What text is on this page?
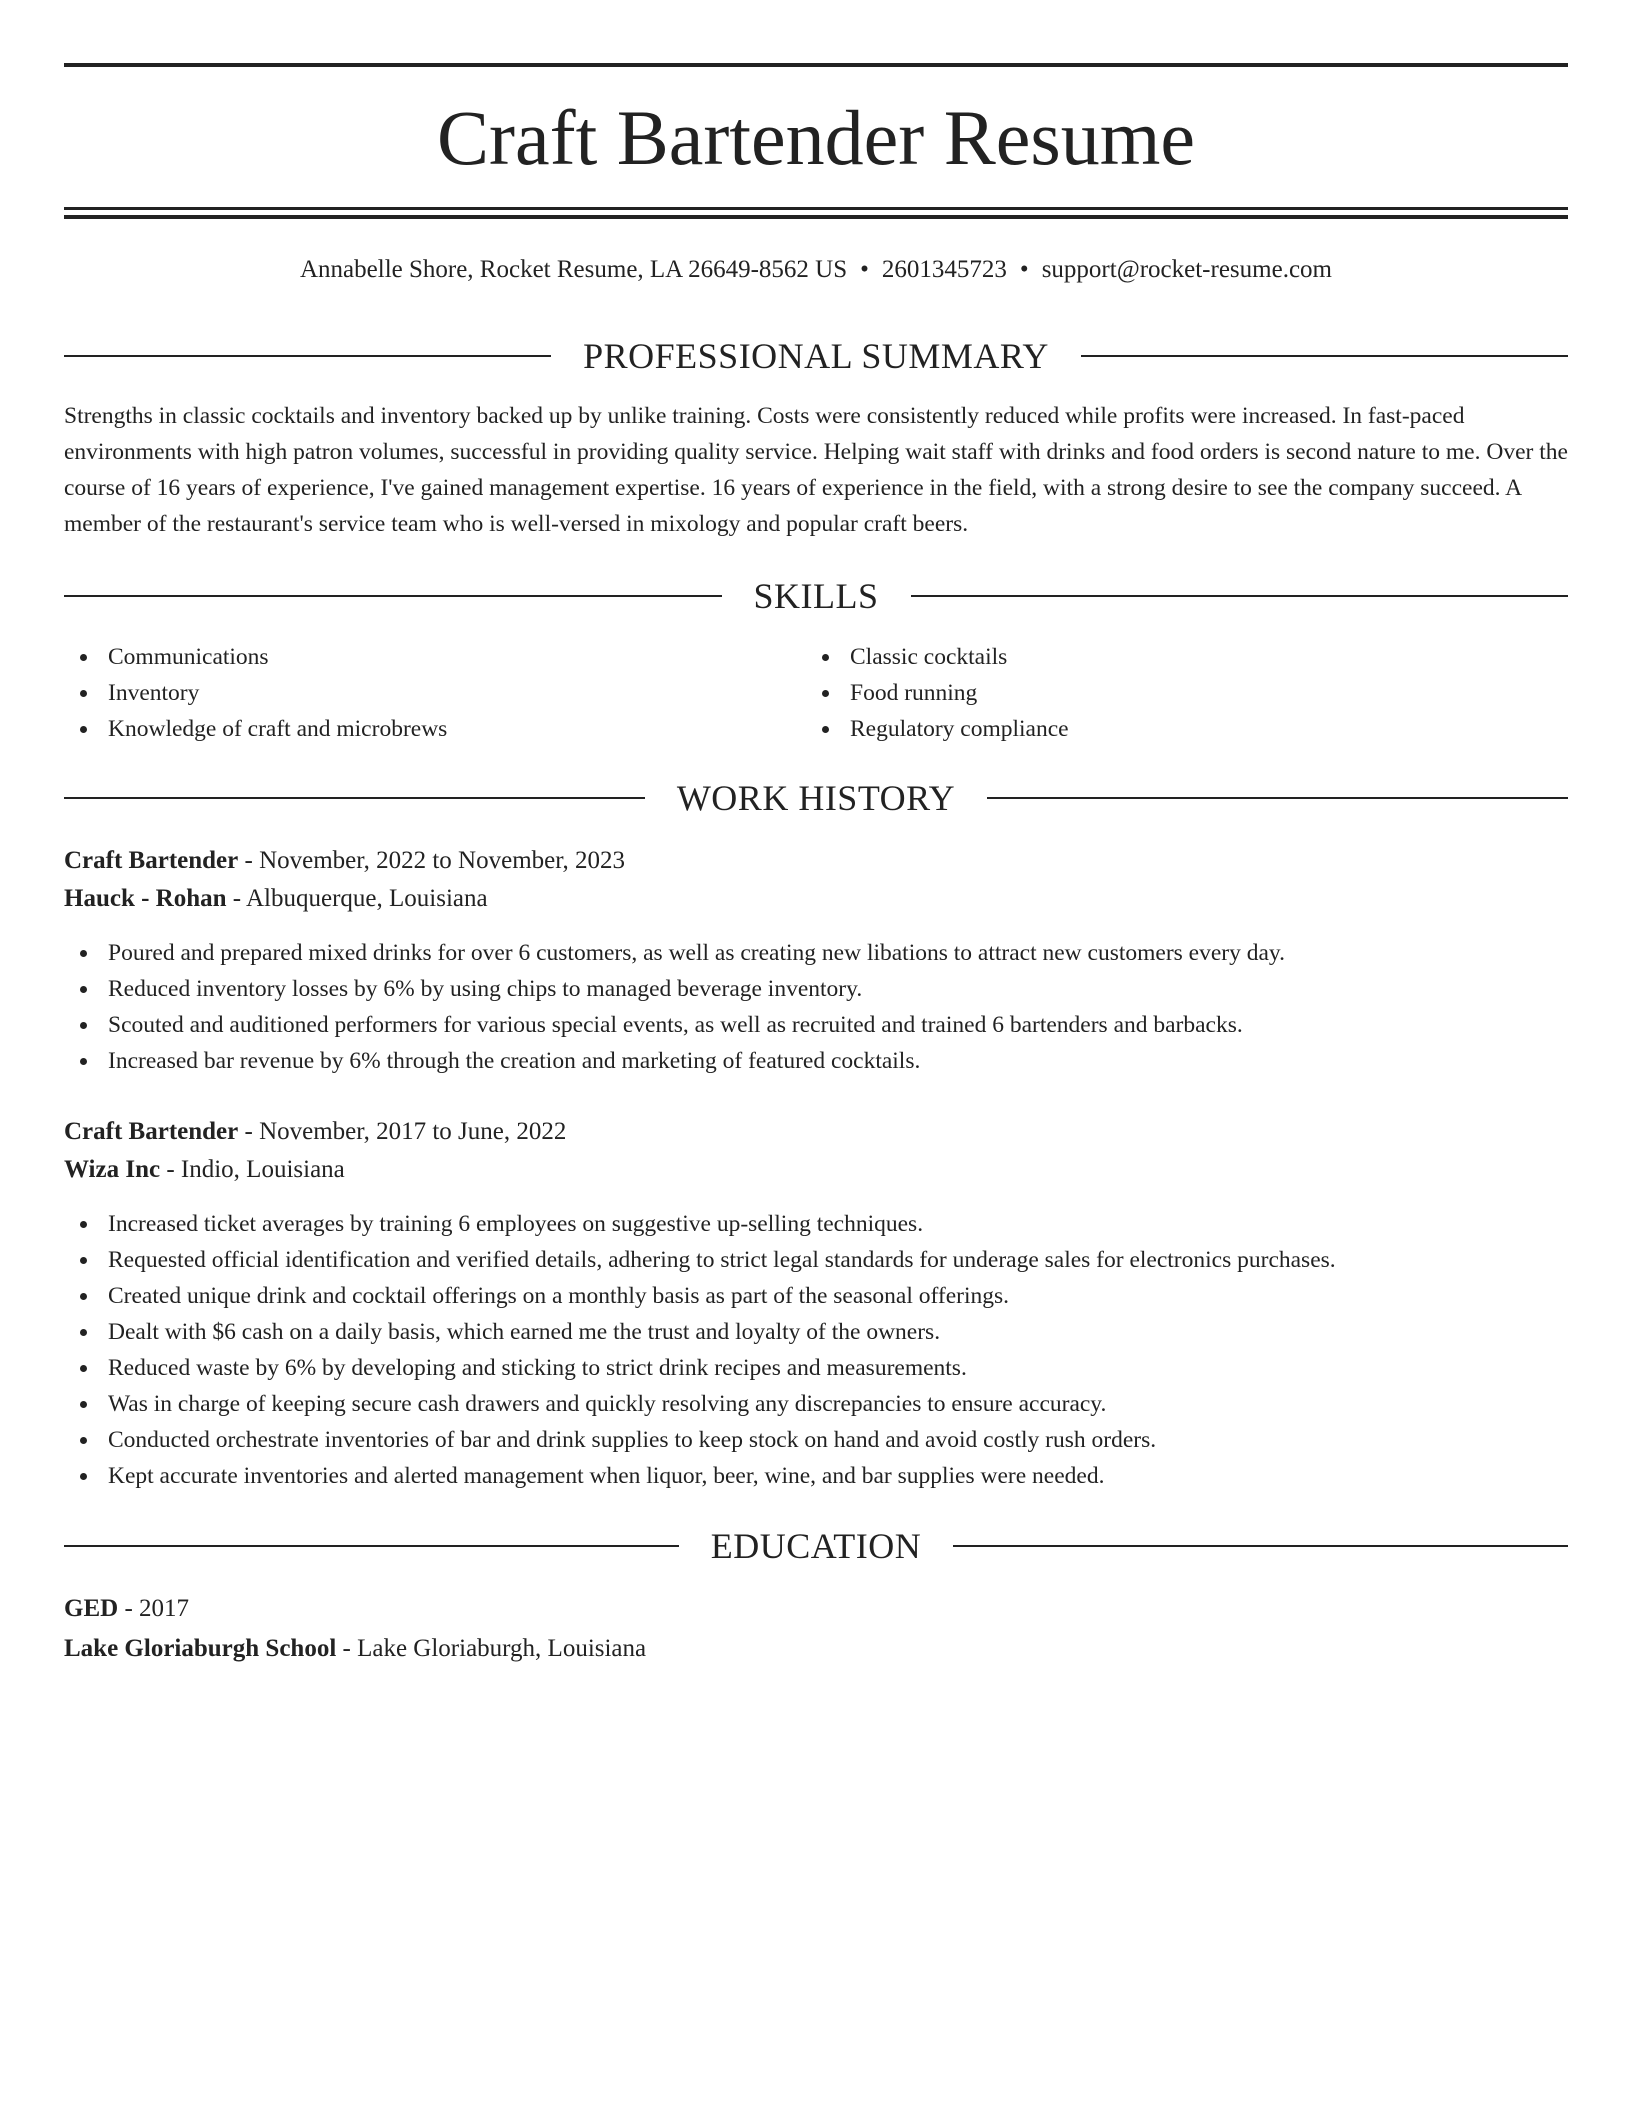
Craft Bartender Resume
Annabelle Shore, Rocket Resume, LA 26649-8562 US • 2601345723 • support@rocket-resume.com
PROFESSIONAL SUMMARY

Strengths in classic cocktails and inventory backed up by unlike training. Costs were consistently reduced while profits were increased. In fast-paced environments with high patron volumes, successful in providing quality service. Helping wait staff with drinks and food orders is second nature to me. Over the course of 16 years of experience, I've gained management expertise. 16 years of experience in the field, with a strong desire to see the company succeed. A member of the restaurant's service team who is well-versed in mixology and popular craft beers.

SKILLS
Communications
Inventory
Knowledge of craft and microbrews
Classic cocktails
Food running
Regulatory compliance
WORK HISTORY
Craft Bartender - November, 2022 to November, 2023
Hauck - Rohan - Albuquerque, Louisiana
Poured and prepared mixed drinks for over 6 customers, as well as creating new libations to attract new customers every day.
Reduced inventory losses by 6% by using chips to managed beverage inventory.
Scouted and auditioned performers for various special events, as well as recruited and trained 6 bartenders and barbacks.
Increased bar revenue by 6% through the creation and marketing of featured cocktails.
Craft Bartender - November, 2017 to June, 2022
Wiza Inc - Indio, Louisiana
Increased ticket averages by training 6 employees on suggestive up-selling techniques.
Requested official identification and verified details, adhering to strict legal standards for underage sales for electronics purchases.
Created unique drink and cocktail offerings on a monthly basis as part of the seasonal offerings.
Dealt with $6 cash on a daily basis, which earned me the trust and loyalty of the owners.
Reduced waste by 6% by developing and sticking to strict drink recipes and measurements.
Was in charge of keeping secure cash drawers and quickly resolving any discrepancies to ensure accuracy.
Conducted orchestrate inventories of bar and drink supplies to keep stock on hand and avoid costly rush orders.
Kept accurate inventories and alerted management when liquor, beer, wine, and bar supplies were needed.
EDUCATION
GED - 2017
Lake Gloriaburgh School - Lake Gloriaburgh, Louisiana
